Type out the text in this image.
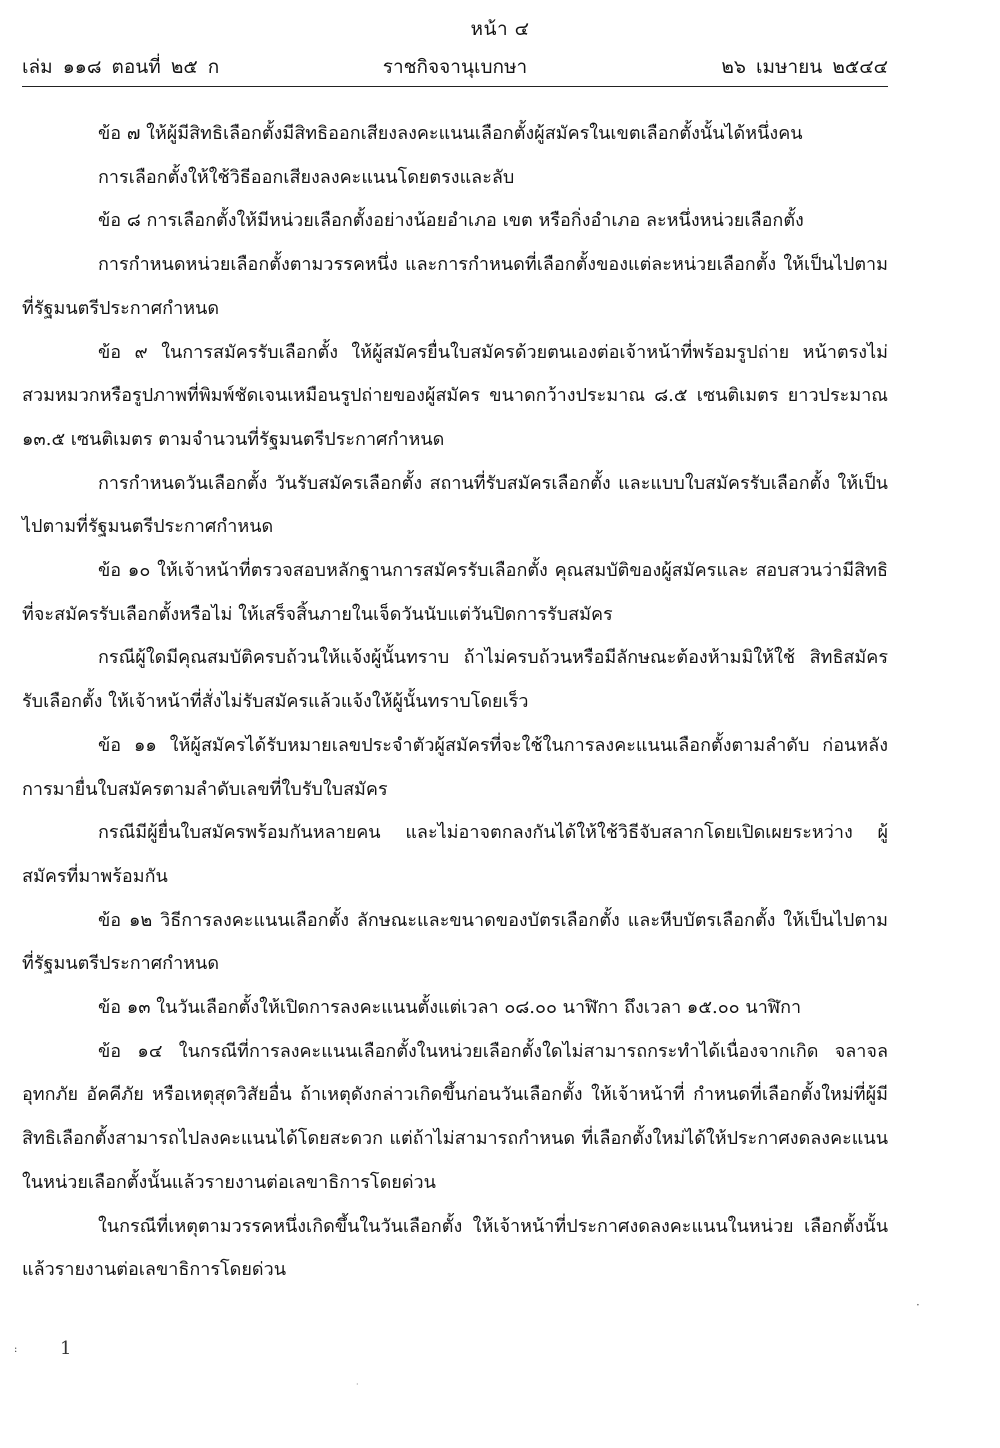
หน้า ๔
เล่ม ๑๑๘ ตอนที่ ๒๕ ก	ราชกิจจานุเบกษา	๒๖ เมษายน ๒๕๔๔

ข้อ ๗ ให้ผู้มีสิทธิเลือกตั้งมีสิทธิออกเสียงลงคะแนนเลือกตั้งผู้สมัครในเขตเลือกตั้งนั้นได้หนึ่งคน

การเลือกตั้งให้ใช้วิธีออกเสียงลงคะแนนโดยตรงและลับ

ข้อ ๘ การเลือกตั้งให้มีหน่วยเลือกตั้งอย่างน้อยอำเภอ เขต หรือกิ่งอำเภอ ละหนึ่งหน่วยเลือกตั้ง

การกำหนดหน่วยเลือกตั้งตามวรรคหนึ่ง และการกำหนดที่เลือกตั้งของแต่ละหน่วยเลือกตั้ง ให้เป็นไปตามที่รัฐมนตรีประกาศกำหนด

ข้อ ๙ ในการสมัครรับเลือกตั้ง ให้ผู้สมัครยื่นใบสมัครด้วยตนเองต่อเจ้าหน้าที่พร้อมรูปถ่าย หน้าตรงไม่สวมหมวกหรือรูปภาพที่พิมพ์ชัดเจนเหมือนรูปถ่ายของผู้สมัคร ขนาดกว้างประมาณ ๘.๕ เซนติเมตร ยาวประมาณ ๑๓.๕ เซนติเมตร ตามจำนวนที่รัฐมนตรีประกาศกำหนด

การกำหนดวันเลือกตั้ง วันรับสมัครเลือกตั้ง สถานที่รับสมัครเลือกตั้ง และแบบใบสมัครรับเลือกตั้ง ให้เป็นไปตามที่รัฐมนตรีประกาศกำหนด

ข้อ ๑๐ ให้เจ้าหน้าที่ตรวจสอบหลักฐานการสมัครรับเลือกตั้ง คุณสมบัติของผู้สมัครและ สอบสวนว่ามีสิทธิที่จะสมัครรับเลือกตั้งหรือไม่ ให้เสร็จสิ้นภายในเจ็ดวันนับแต่วันปิดการรับสมัคร

กรณีผู้ใดมีคุณสมบัติครบถ้วนให้แจ้งผู้นั้นทราบ ถ้าไม่ครบถ้วนหรือมีลักษณะต้องห้ามมิให้ใช้ สิทธิสมัครรับเลือกตั้ง ให้เจ้าหน้าที่สั่งไม่รับสมัครแล้วแจ้งให้ผู้นั้นทราบโดยเร็ว

ข้อ ๑๑ ให้ผู้สมัครได้รับหมายเลขประจำตัวผู้สมัครที่จะใช้ในการลงคะแนนเลือกตั้งตามลำดับ ก่อนหลังการมายื่นใบสมัครตามลำดับเลขที่ใบรับใบสมัคร

กรณีมีผู้ยื่นใบสมัครพร้อมกันหลายคน และไม่อาจตกลงกันได้ให้ใช้วิธีจับสลากโดยเปิดเผยระหว่าง ผู้สมัครที่มาพร้อมกัน

ข้อ ๑๒ วิธีการลงคะแนนเลือกตั้ง ลักษณะและขนาดของบัตรเลือกตั้ง และหีบบัตรเลือกตั้ง ให้เป็นไปตามที่รัฐมนตรีประกาศกำหนด

ข้อ ๑๓ ในวันเลือกตั้งให้เปิดการลงคะแนนตั้งแต่เวลา ๐๘.๐๐ นาฬิกา ถึงเวลา ๑๕.๐๐ นาฬิกา

ข้อ ๑๔ ในกรณีที่การลงคะแนนเลือกตั้งในหน่วยเลือกตั้งใดไม่สามารถกระทำได้เนื่องจากเกิด จลาจล อุทกภัย อัคคีภัย หรือเหตุสุดวิสัยอื่น ถ้าเหตุดังกล่าวเกิดขึ้นก่อนวันเลือกตั้ง ให้เจ้าหน้าที่ กำหนดที่เลือกตั้งใหม่ที่ผู้มีสิทธิเลือกตั้งสามารถไปลงคะแนนได้โดยสะดวก แต่ถ้าไม่สามารถกำหนด ที่เลือกตั้งใหม่ได้ให้ประกาศงดลงคะแนนในหน่วยเลือกตั้งนั้นแล้วรายงานต่อเลขาธิการโดยด่วน

ในกรณีที่เหตุตามวรรคหนึ่งเกิดขึ้นในวันเลือกตั้ง ให้เจ้าหน้าที่ประกาศงดลงคะแนนในหน่วย เลือกตั้งนั้น แล้วรายงานต่อเลขาธิการโดยด่วน

1
:
·
·
